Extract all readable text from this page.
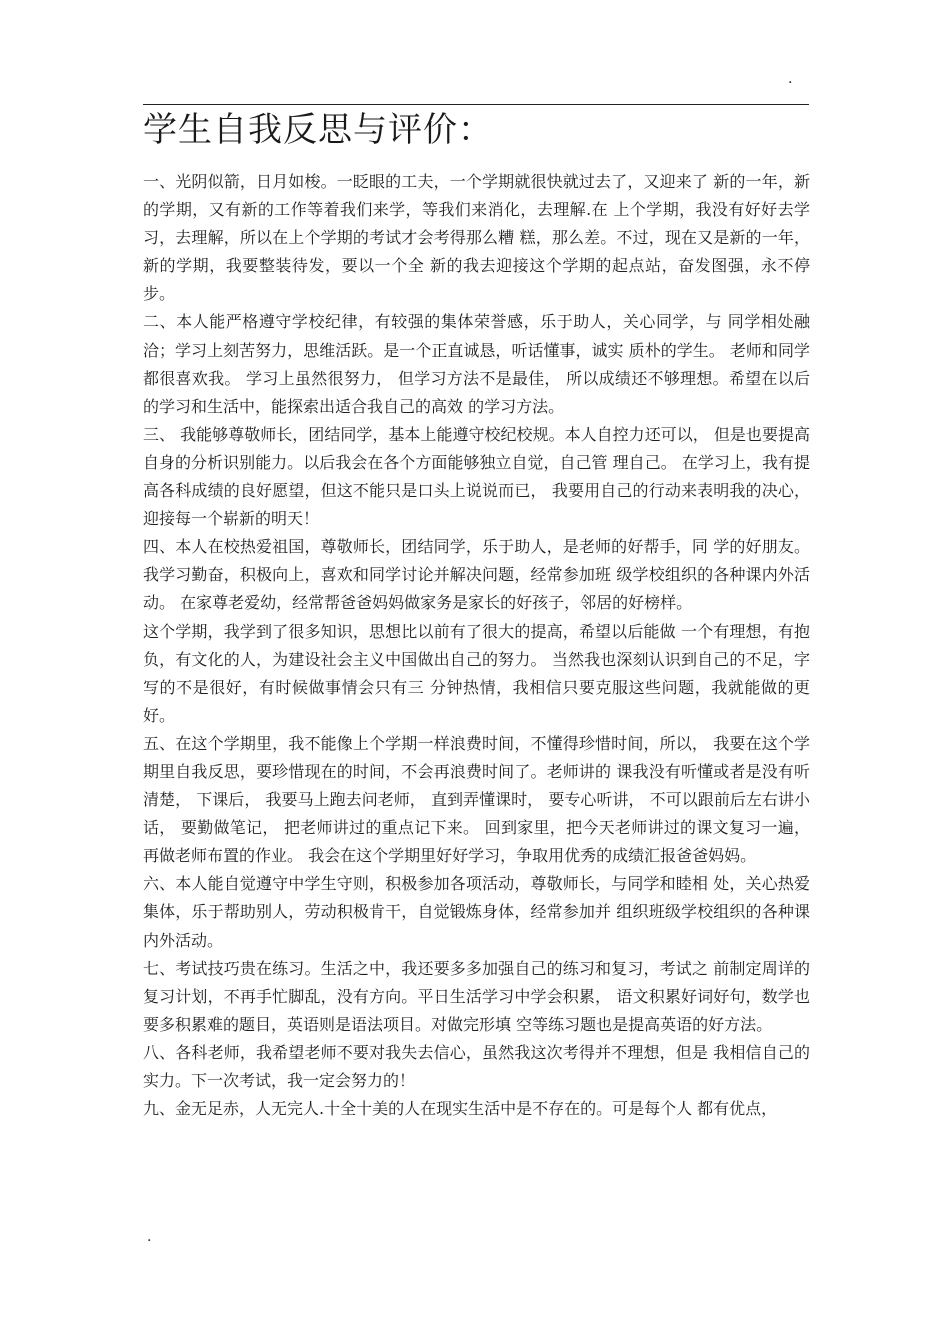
.
学生自我反思与评价：

一、光阴似箭，日月如梭。一眨眼的工夫，一个学期就很快就过去了，又迎来了 新的一年，新的学期，又有新的工作等着我们来学，等我们来消化，去理解.在 上个学期，我没有好好去学习，去理解，所以在上个学期的考试才会考得那么糟 糕，那么差。不过，现在又是新的一年，新的学期，我要整装待发，要以一个全 新的我去迎接这个学期的起点站，奋发图强，永不停步。

二、本人能严格遵守学校纪律，有较强的集体荣誉感，乐于助人，关心同学，与 同学相处融洽；学习上刻苦努力，思维活跃。是一个正直诚恳，听话懂事，诚实 质朴的学生。 老师和同学都很喜欢我。 学习上虽然很努力， 但学习方法不是最佳， 所以成绩还不够理想。希望在以后的学习和生活中，能探索出适合我自己的高效 的学习方法。

三、 我能够尊敬师长，团结同学，基本上能遵守校纪校规。本人自控力还可以， 但是也要提高自身的分析识别能力。以后我会在各个方面能够独立自觉，自己管 理自己。 在学习上，我有提高各科成绩的良好愿望，但这不能只是口头上说说而已， 我要用自己的行动来表明我的决心，迎接每一个崭新的明天！

四、本人在校热爱祖国，尊敬师长，团结同学，乐于助人，是老师的好帮手，同 学的好朋友。我学习勤奋，积极向上，喜欢和同学讨论并解决问题，经常参加班 级学校组织的各种课内外活动。 在家尊老爱幼，经常帮爸爸妈妈做家务是家长的好孩子，邻居的好榜样。

这个学期，我学到了很多知识，思想比以前有了很大的提高，希望以后能做 一个有理想，有抱负，有文化的人，为建设社会主义中国做出自己的努力。 当然我也深刻认识到自己的不足，字写的不是很好，有时候做事情会只有三 分钟热情，我相信只要克服这些问题，我就能做的更好。

五、在这个学期里，我不能像上个学期一样浪费时间，不懂得珍惜时间，所以， 我要在这个学期里自我反思，要珍惜现在的时间，不会再浪费时间了。老师讲的 课我没有听懂或者是没有听清楚， 下课后， 我要马上跑去问老师， 直到弄懂课时， 要专心听讲， 不可以跟前后左右讲小话， 要勤做笔记， 把老师讲过的重点记下来。 回到家里，把今天老师讲过的课文复习一遍，再做老师布置的作业。 我会在这个学期里好好学习，争取用优秀的成绩汇报爸爸妈妈。

六、本人能自觉遵守中学生守则，积极参加各项活动，尊敬师长，与同学和睦相 处，关心热爱集体，乐于帮助别人，劳动积极肯干，自觉锻炼身体，经常参加并 组织班级学校组织的各种课内外活动。

七、考试技巧贵在练习。生活之中，我还要多多加强自己的练习和复习，考试之 前制定周详的复习计划，不再手忙脚乱，没有方向。平日生活学习中学会积累， 语文积累好词好句，数学也要多积累难的题目，英语则是语法项目。对做完形填 空等练习题也是提高英语的好方法。

八、各科老师，我希望老师不要对我失去信心，虽然我这次考得并不理想，但是 我相信自己的实力。下一次考试，我一定会努力的！

九、金无足赤，人无完人.十全十美的人在现实生活中是不存在的。可是每个人 都有优点，

.
